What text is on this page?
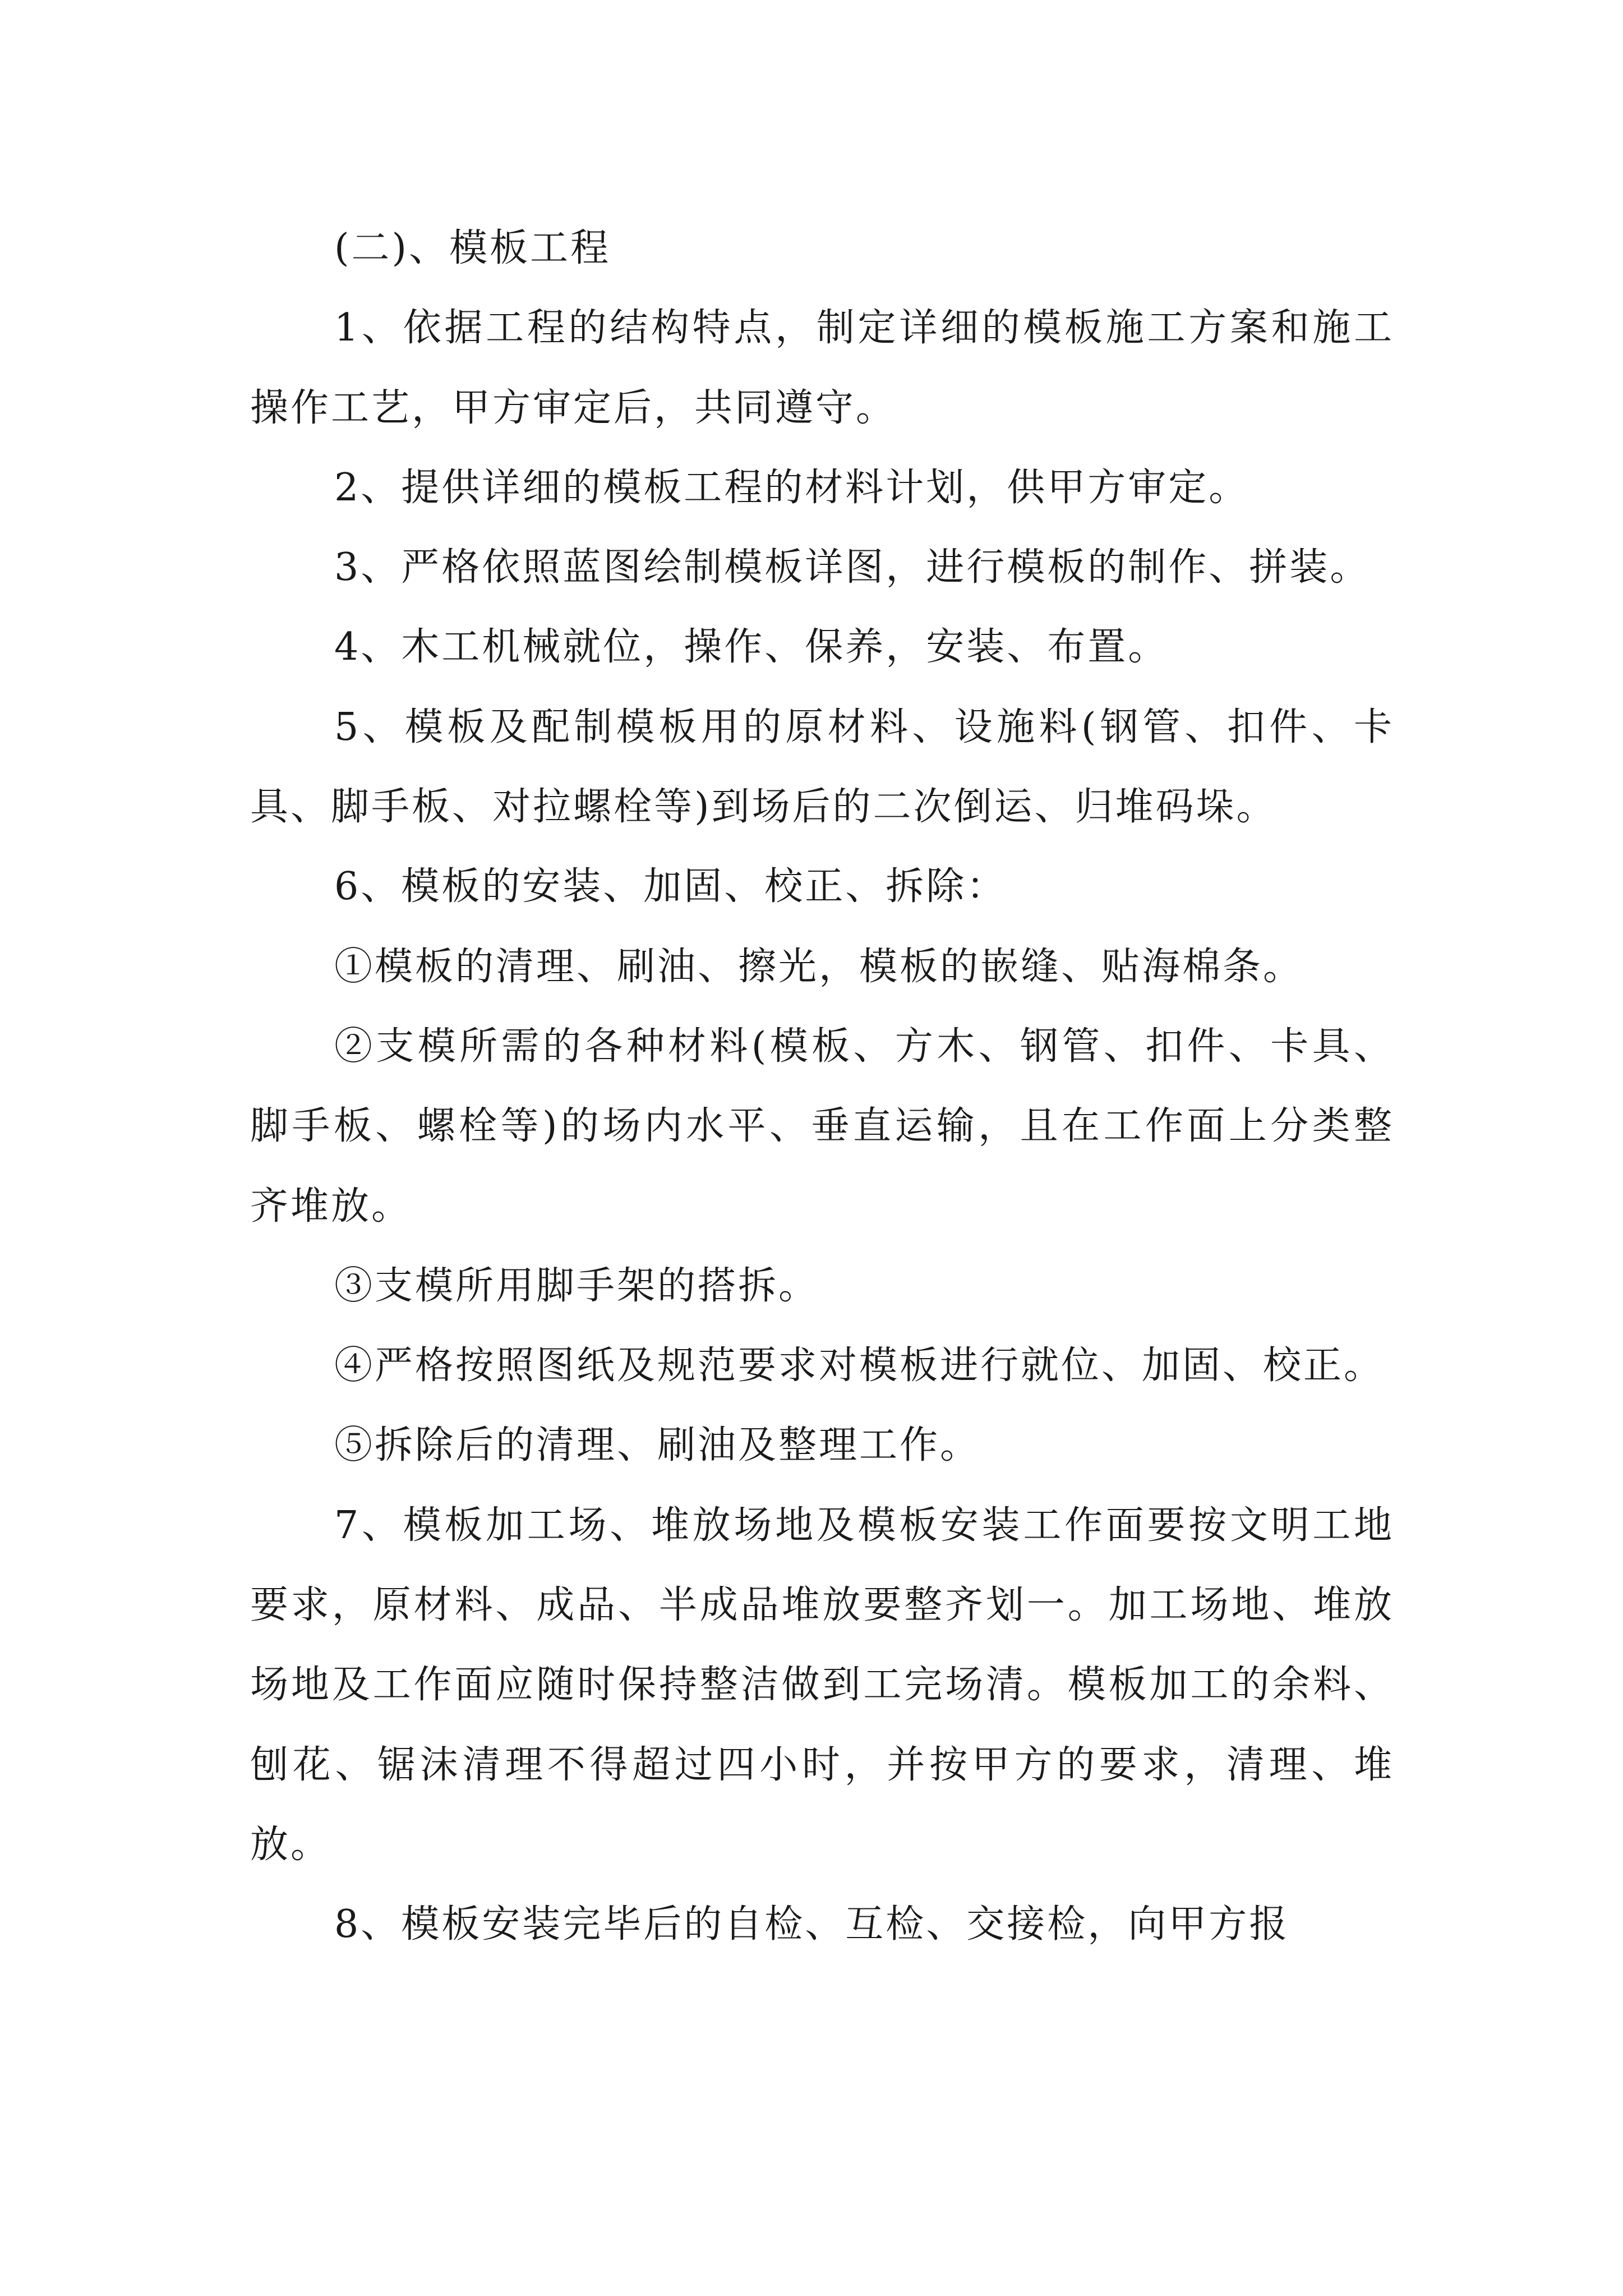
(二)、模板工程

1、依据工程的结构特点，制定详细的模板施工方案和施工操作工艺，甲方审定后，共同遵守。

2、提供详细的模板工程的材料计划，供甲方审定。

3、严格依照蓝图绘制模板详图，进行模板的制作、拼装。

4、木工机械就位，操作、保养，安装、布置。

5、模板及配制模板用的原材料、设施料(钢管、扣件、卡具、脚手板、对拉螺栓等)到场后的二次倒运、归堆码垛。

6、模板的安装、加固、校正、拆除：

①模板的清理、刷油、擦光，模板的嵌缝、贴海棉条。

②支模所需的各种材料(模板、方木、钢管、扣件、卡具、脚手板、螺栓等)的场内水平、垂直运输，且在工作面上分类整齐堆放。

③支模所用脚手架的搭拆。

④严格按照图纸及规范要求对模板进行就位、加固、校正。

⑤拆除后的清理、刷油及整理工作。

7、模板加工场、堆放场地及模板安装工作面要按文明工地要求，原材料、成品、半成品堆放要整齐划一。加工场地、堆放场地及工作面应随时保持整洁做到工完场清。模板加工的余料、刨花、锯沫清理不得超过四小时，并按甲方的要求，清理、堆放。

8、模板安装完毕后的自检、互检、交接检，向甲方报
